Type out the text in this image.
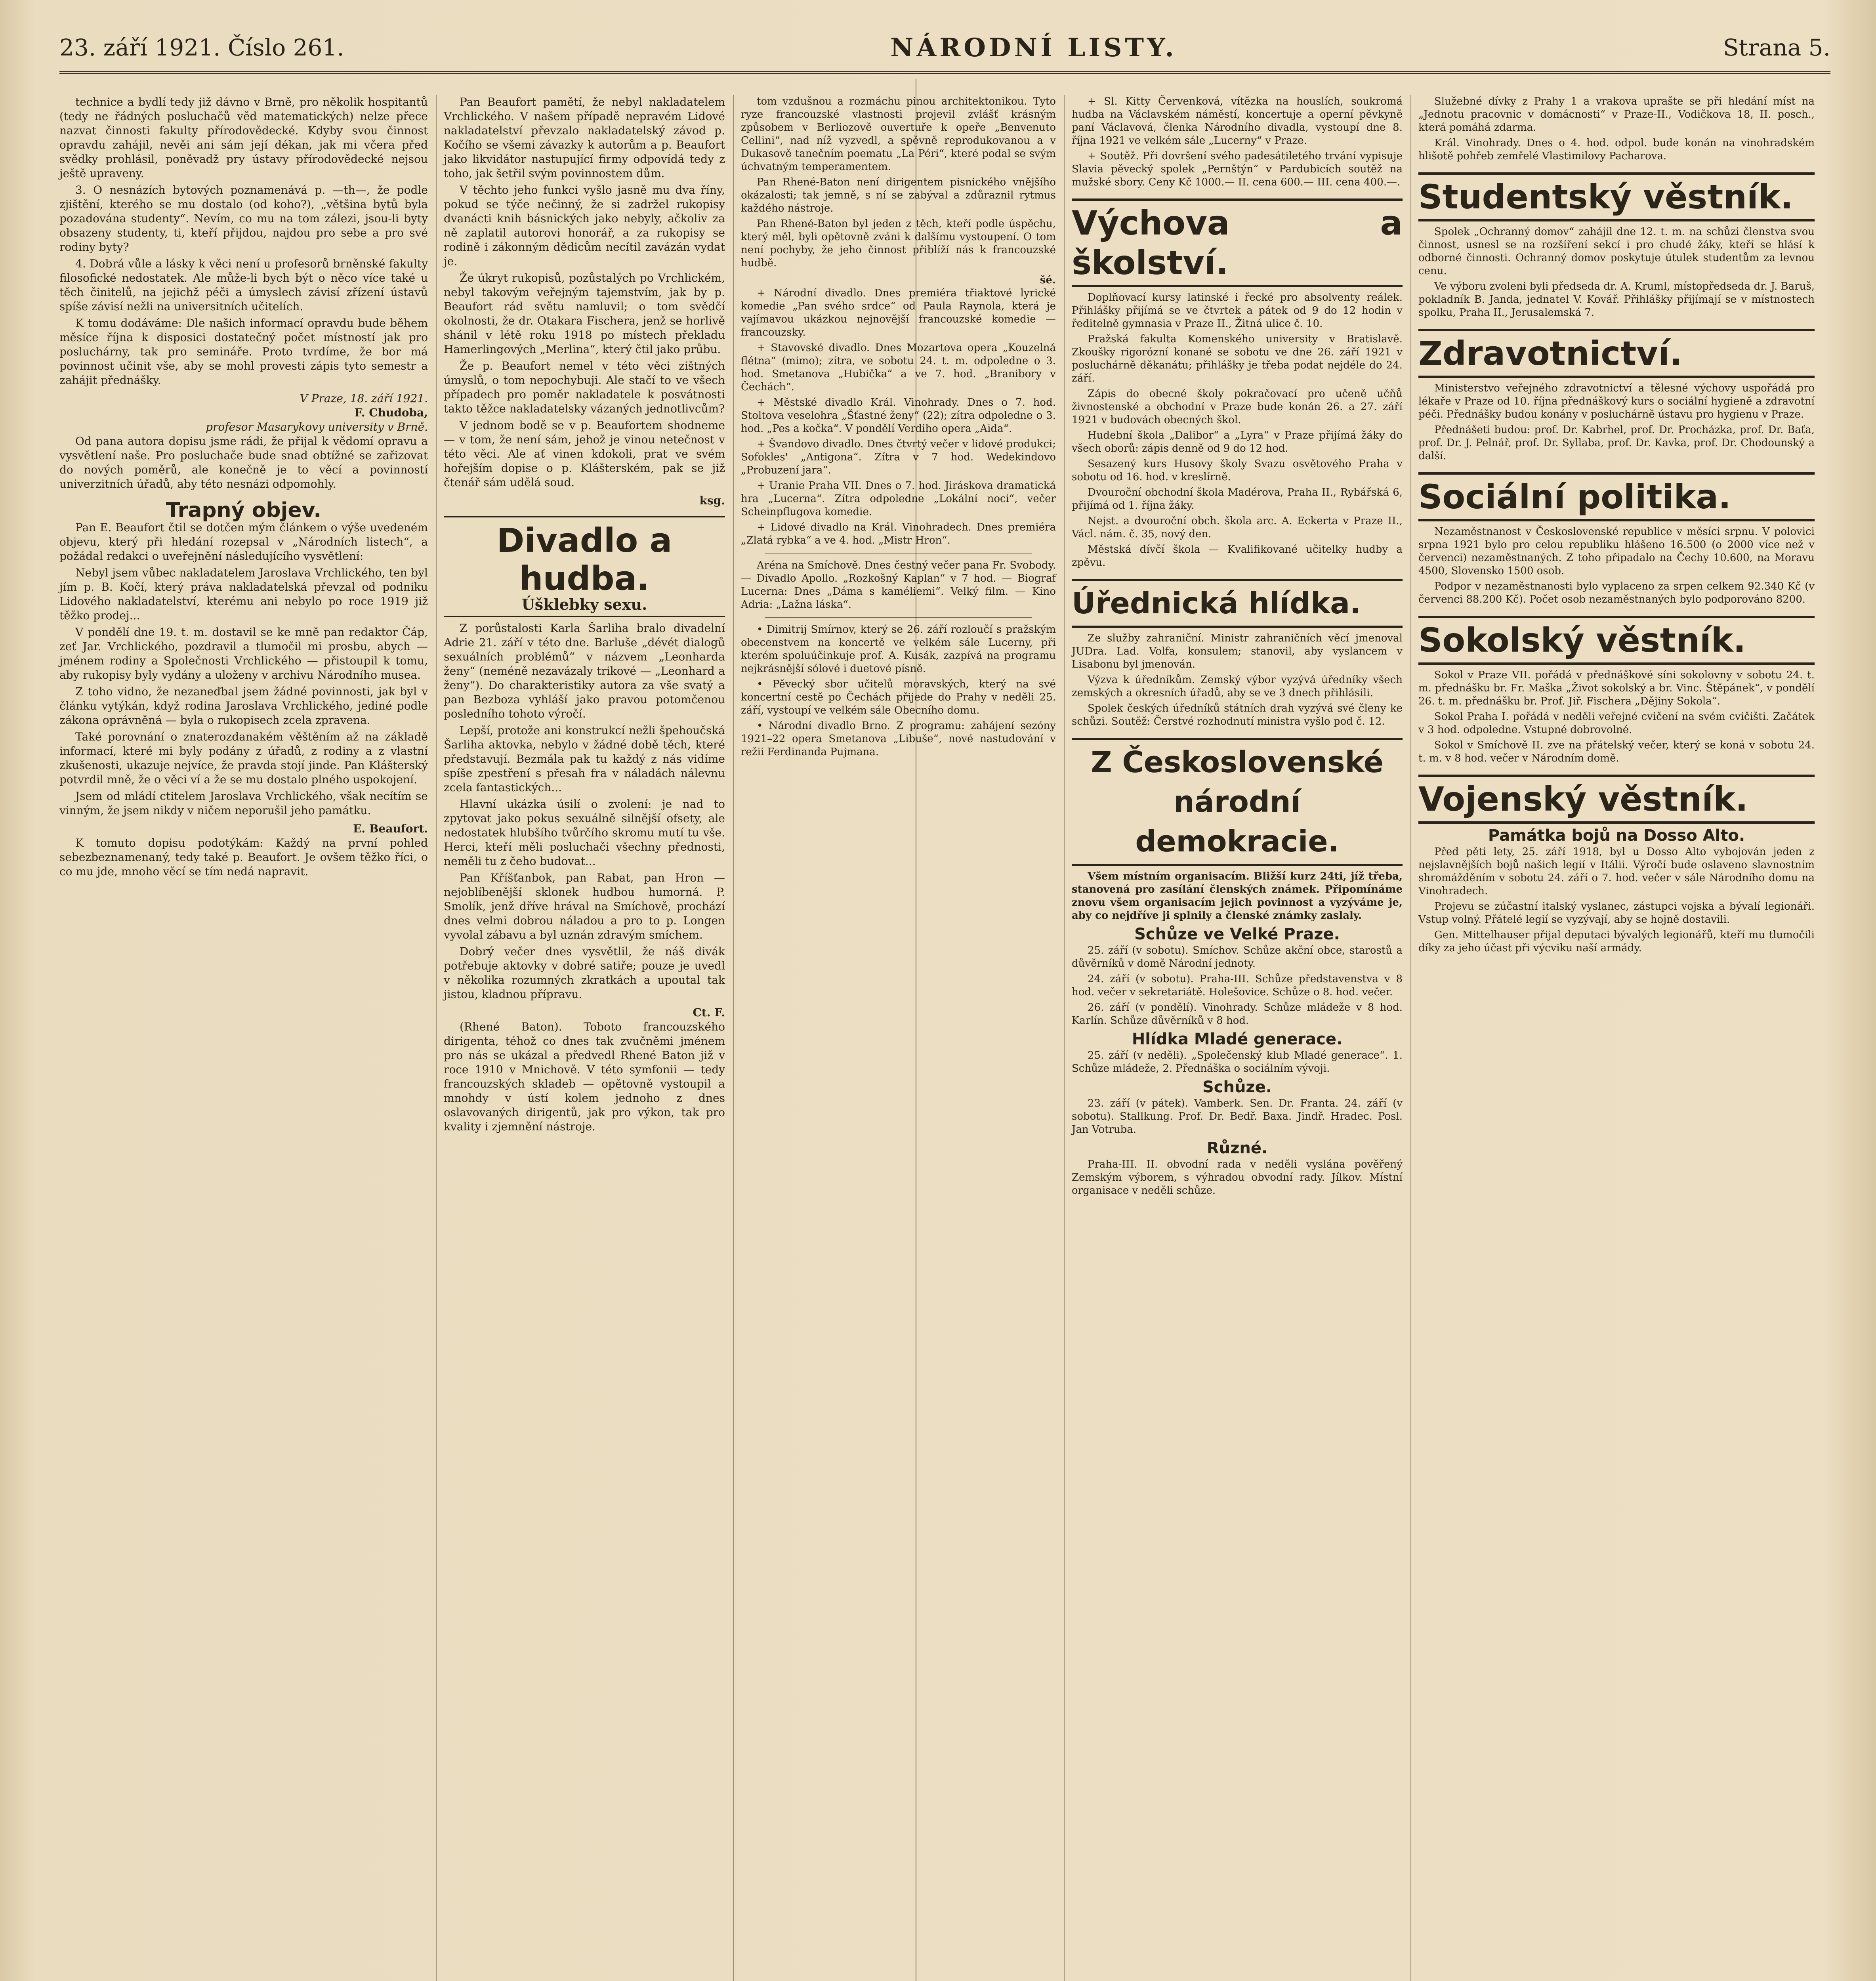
23. září 1921. Číslo 261.	NÁRODNÍ LISTY.	Strana 5.

technice a bydlí tedy již dávno v Brně, pro několik hospitantů (tedy ne řádných posluchačů věd matematických) nelze přece nazvat činnosti fakulty přírodovědecké. Kdyby svou činnost opravdu zahájil, nevěi ani sám její dékan, jak mi včera před svědky prohlásil, poněvadž pry ústavy přírodovědecké nejsou ještě upraveny.

3. O nesnázích bytových poznamenává p. —th—, že podle zjištění, kterého se mu dostalo (od koho?), „většina bytů byla pozadována studenty“. Nevím, co mu na tom zálezi, jsou-li byty obsazeny studenty, ti, kteří přijdou, najdou pro sebe a pro své rodiny byty?

4. Dobrá vůle a lásky k věci není u profesorů brněnské fakulty filosofické nedostatek. Ale může-li bych být o něco více také u těch činitelů, na jejichž péči a úmyslech závisí zřízení ústavů spíše závisí nežli na universitních učitelích.

K tomu dodáváme: Dle našich informací opravdu bude během měsíce října k disposici dostatečný počet místností jak pro posluchárny, tak pro semináře. Proto tvrdíme, že bor má povinnost učinit vše, aby se mohl provesti zápis tyto semestr a zahájit přednášky.

V Praze, 18. září 1921.
F. Chudoba,
profesor Masarykovy university v Brně.

Od pana autora dopisu jsme rádi, že přijal k vědomí opravu a vysvětlení naše. Pro posluchače bude snad obtížné se zařizovat do nových poměrů, ale konečně je to věcí a povinností univerzitních úřadů, aby této nesnázi odpomohly.

Trapný objev.

Pan E. Beaufort čtil se dotčen mým článkem o výše uvedeném objevu, který při hledání rozepsal v „Národních listech“, a požádal redakci o uveřejnění následujícího vysvětlení:

Nebyl jsem vůbec nakladatelem Jaroslava Vrchlického, ten byl jím p. B. Kočí, který práva nakladatelská převzal od podniku Lidového nakladatelství, kterému ani nebylo po roce 1919 již těžko prodej...

V pondělí dne 19. t. m. dostavil se ke mně pan redaktor Čáp, zeť Jar. Vrchlického, pozdravil a tlumočil mi prosbu, abych — jménem rodiny a Společnosti Vrchlického — přistoupil k tomu, aby rukopisy byly vydány a uloženy v archivu Národního musea.

Z toho vidno, že nezaneďbal jsem žádné povinnosti, jak byl v článku vytýkán, když rodina Jaroslava Vrchlického, jediné podle zákona oprávněná — byla o rukopisech zcela zpravena.

Také porovnání o znaterozdanakém věštěním až na základě informací, které mi byly podány z úřadů, z rodiny a z vlastní zkušenosti, ukazuje nejvíce, že pravda stojí jinde. Pan Klášterský potvrdil mně, že o věci ví a že se mu dostalo plného uspokojení.

Jsem od mládí ctitelem Jaroslava Vrchlického, však necítím se vinným, že jsem nikdy v ničem neporušil jeho památku.

E. Beaufort.

K tomuto dopisu podotýkám: Každý na první pohled sebezbeznamenaný, tedy také p. Beaufort. Je ovšem těžko říci, o co mu jde, mnoho věcí se tím nedá napravit.

Pan Beaufort pamětí, že nebyl nakladatelem Vrchlického. V našem případě nepravém Lidové nakladatelství převzalo nakladatelský závod p. Kočího se všemi závazky k autorům a p. Beaufort jako likvidátor nastupující firmy odpovídá tedy z toho, jak šetřil svým povinnostem dům.

V těchto jeho funkci vyšlo jasně mu dva říny, pokud se týče nečinný, že si zadržel rukopisy dvanácti knih básnických jako nebyly, ačkoliv za ně zaplatil autorovi honorář, a za rukopisy se rodině i zákonným dědicům necítil zavázán vydat je.

Že úkryt rukopisů, pozůstalých po Vrchlickém, nebyl takovým veřejným tajemstvím, jak by p. Beaufort rád světu namluvil; o tom svědčí okolnosti, že dr. Otakara Fischera, jenž se horlivě shánil v létě roku 1918 po místech překladu Hamerlingových „Merlina“, který čtil jako průbu.

Že p. Beaufort nemel v této věci zištných úmyslů, o tom nepochybuji. Ale stačí to ve všech případech pro poměr nakladatele k posvátnosti takto těžce nakladatelsky vázaných jednotlivcům?

V jednom bodě se v p. Beaufortem shodneme — v tom, že není sám, jehož je vinou netečnost v této věci. Ale ať vinen kdokoli, prat ve svém hořejším dopise o p. Klášterském, pak se již čtenář sám udělá soud.

ksg.
Divadlo a hudba.
Úšklebky sexu.

Z porůstalosti Karla Šarliha bralo divadelní Adrie 21. září v této dne. Barluše „dévét dialogů sexuálních problémů“ v názvem „Leonharda ženy“ (neméně nezavázaly trikové — „Leonhard a ženy“). Do charakteristiky autora za vše svatý a pan Bezboza vyhláší jako pravou potomčenou posledního tohoto výročí.

Lepší, protože ani konstrukcí nežli špehoučská Šarliha aktovka, nebylo v žádné době těch, které představují. Bezmála pak tu každý z nás vidíme spíše zpestření s přesah fra v náladách nálevnu zcela fantastických...

Hlavní ukázka úsilí o zvolení: je nad to zpytovat jako pokus sexuálně silnější ofsety, ale nedostatek hlubšího tvůrčího skromu mutí tu vše. Herci, kteří měli posluchači všechny přednosti, neměli tu z čeho budovat...

Pan Kříšťanbok, pan Rabat, pan Hron — nejoblíbenější sklonek hudbou humorná. P. Smolík, jenž dříve hrával na Smíchově, prochází dnes velmi dobrou náladou a pro to p. Longen vyvolal zábavu a byl uznán zdravým smíchem.

Dobrý večer dnes vysvětlil, že náš divák potřebuje aktovky v dobré satiře; pouze je uvedl v několika rozumných zkratkách a upoutal tak jistou, kladnou přípravu.

Ct. F.

(Rhené Baton). Toboto francouzského dirigenta, téhož co dnes tak zvučněmi jménem pro nás se ukázal a předvedl Rhené Baton již v roce 1910 v Mnichově. V této symfonii — tedy francouzských skladeb — opětovně vystoupil a mnohdy v ústí kolem jednoho z dnes oslavovaných dirigentů, jak pro výkon, tak pro kvality i zjemnění nástroje.

tom vzdušnou a rozmáchu pinou architektonikou. Tyto ryze francouzské vlastnosti projevil zvlášť krásným způsobem v Berliozově ouvertuře k opeře „Benvenuto Cellini“, nad níž vyzvedl, a spěvně reprodukovanou a v Dukasově tanečním poematu „La Péri“, které podal se svým úchvatným temperamentem.

Pan Rhené-Baton není dirigentem pisnického vnějšího okázalosti; tak jemně, s ní se zabýval a zdůraznil rytmus každého nástroje.

Pan Rhené-Baton byl jeden z těch, kteří podle úspěchu, který měl, byli opětovně zváni k dalšímu vystoupení. O tom není pochyby, že jeho činnost přiblíží nás k francouzské hudbě.

šé.

+ Národní divadlo. Dnes premiéra třiaktové lyrické komedie „Pan svého srdce“ od Paula Raynola, která je vajímavou ukázkou nejnovější francouzské komedie — francouzsky.

+ Stavovské divadlo. Dnes Mozartova opera „Kouzelná flétna“ (mimo); zítra, ve sobotu 24. t. m. odpoledne o 3. hod. Smetanova „Hubička“ a ve 7. hod. „Branibory v Čechách“.

+ Městské divadlo Král. Vinohrady. Dnes o 7. hod. Stoltova veselohra „Šťastné ženy“ (22); zítra odpoledne o 3. hod. „Pes a kočka“. V pondělí Verdiho opera „Aida“.

+ Švandovo divadlo. Dnes čtvrtý večer v lidové produkci; Sofokles' „Antigona“. Zítra v 7 hod. Wedekindovo „Probuzení jara“.

+ Uranie Praha VII. Dnes o 7. hod. Jiráskova dramatická hra „Lucerna“. Zítra odpoledne „Lokální noci“, večer Scheinpflugova komedie.

+ Lidové divadlo na Král. Vinohradech. Dnes premiéra „Zlatá rybka“ a ve 4. hod. „Mistr Hron“.

Aréna na Smíchově. Dnes čestný večer pana Fr. Svobody. — Divadlo Apollo. „Rozkošný Kaplan“ v 7 hod. — Biograf Lucerna: Dnes „Dáma s kaméliemi“. Velký film. — Kino Adria: „Lažna láska“.

• Dimitrij Smírnov, který se 26. září rozloučí s pražským obecenstvem na koncertě ve velkém sále Lucerny, při kterém spoluúčinkuje prof. A. Kusák, zazpívá na programu nejkrásnější sólové i duetové písně.

• Pěvecký sbor učitelů moravských, který na své koncertní cestě po Čechách přijede do Prahy v neděli 25. září, vystoupí ve velkém sále Obecního domu.

• Národní divadlo Brno. Z programu: zahájení sezóny 1921–22 opera Smetanova „Libuše“, nové nastudování v režii Ferdinanda Pujmana.

+ Sl. Kitty Červenková, vítězka na houslích, soukromá hudba na Václavském náměstí, koncertuje a operní pěvkyně paní Václavová, členka Národního divadla, vystoupí dne 8. října 1921 ve velkém sále „Lucerny“ v Praze.

+ Soutěž. Při dovršení svého padesátiletého trvání vypisuje Slavia pěvecký spolek „Pernštýn“ v Pardubicích soutěž na mužské sbory. Ceny Kč 1000.— II. cena 600.— III. cena 400.—.

Výchova a školství.

Doplňovací kursy latinské i řecké pro absolventy reálek. Přihlášky přijímá se ve čtvrtek a pátek od 9 do 12 hodin v ředitelně gymnasia v Praze II., Žitná ulice č. 10.

Pražská fakulta Komenského university v Bratislavě. Zkoušky rigorózní konané se sobotu ve dne 26. září 1921 v posluchárně děkanátu; přihlášky je třeba podat nejdéle do 24. září.

Zápis do obecné školy pokračovací pro učeně učňů živnostenské a obchodní v Praze bude konán 26. a 27. září 1921 v budovách obecných škol.

Hudební škola „Dalibor“ a „Lyra“ v Praze přijímá žáky do všech oborů: zápis denně od 9 do 12 hod.

Sesazený kurs Husovy školy Svazu osvětového Praha v sobotu od 16. hod. v kreslírně.

Dvouroční obchodní škola Madérova, Praha II., Rybářská 6, přijímá od 1. října žáky.

Nejst. a dvouroční obch. škola arc. A. Eckerta v Praze II., Václ. nám. č. 35, nový den.

Městská dívčí škola — Kvalifikované učitelky hudby a zpěvu.

Úřednická hlídka.

Ze služby zahraniční. Ministr zahraničních věcí jmenoval JUDra. Lad. Volfa, konsulem; stanovil, aby vyslancem v Lisabonu byl jmenován.

Výzva k úředníkům. Zemský výbor vyzývá úředníky všech zemských a okresních úřadů, aby se ve 3 dnech přihlásili.

Spolek českých úředníků státních drah vyzývá své členy ke schůzi. Soutěž: Čerstvé rozhodnutí ministra vyšlo pod č. 12.

Z Československé národní demokracie.

Všem místním organisacím. Bližší kurz 24ti, jíž třeba, stanovená pro zasílání členských známek. Připomínáme znovu všem organisacím jejich povinnost a vyzýváme je, aby co nejdříve ji splnily a členské známky zaslaly.

Schůze ve Velké Praze.

25. září (v sobotu). Smíchov. Schůze akční obce, starostů a důvěrníků v domě Národní jednoty.

24. září (v sobotu). Praha-III. Schůze představenstva v 8 hod. večer v sekretariátě. Holešovice. Schůze o 8. hod. večer.

26. září (v pondělí). Vinohrady. Schůze mládeže v 8 hod. Karlín. Schůze důvěrníků v 8 hod.

Hlídka Mladé generace.

25. září (v neděli). „Společenský klub Mladé generace“. 1. Schůze mládeže, 2. Přednáška o sociálním vývoji.

Schůze.

23. září (v pátek). Vamberk. Sen. Dr. Franta. 24. září (v sobotu). Stallkung. Prof. Dr. Bedř. Baxa. Jindř. Hradec. Posl. Jan Votruba.

Různé.

Praha-III. II. obvodní rada v neděli vyslána pověřený Zemským výborem, s výhradou obvodní rady. Jílkov. Místní organisace v neděli schůze.

Služebné dívky z Prahy 1 a vrakova uprašte se při hledání míst na „Jednotu pracovnic v domácnosti“ v Praze-II., Vodičkova 18, II. posch., která pomáhá zdarma.

Král. Vinohrady. Dnes o 4. hod. odpol. bude konán na vinohradském hlišotě pohřeb zemřelé Vlastimilovy Pacharova.

Studentský věstník.

Spolek „Ochranný domov“ zahájil dne 12. t. m. na schůzi členstva svou činnost, usnesl se na rozšíření sekcí i pro chudé žáky, kteří se hlásí k odborné činnosti. Ochranný domov poskytuje útulek studentům za levnou cenu.

Ve výboru zvoleni byli předseda dr. A. Kruml, místopředseda dr. J. Baruš, pokladník B. Janda, jednatel V. Kovář. Přihlášky přijímají se v místnostech spolku, Praha II., Jerusalemská 7.

Zdravotnictví.

Ministerstvo veřejného zdravotnictví a tělesné výchovy uspořádá pro lékaře v Praze od 10. října přednáškový kurs o sociální hygieně a zdravotní péči. Přednášky budou konány v posluchárně ústavu pro hygienu v Praze.

Přednášeti budou: prof. Dr. Kabrhel, prof. Dr. Procházka, prof. Dr. Baťa, prof. Dr. J. Pelnář, prof. Dr. Syllaba, prof. Dr. Kavka, prof. Dr. Chodounský a další.

Sociální politika.

Nezaměstnanost v Československé republice v měsíci srpnu. V polovici srpna 1921 bylo pro celou republiku hlášeno 16.500 (o 2000 více než v červenci) nezaměstnaných. Z toho připadalo na Čechy 10.600, na Moravu 4500, Slovensko 1500 osob.

Podpor v nezaměstnanosti bylo vyplaceno za srpen celkem 92.340 Kč (v červenci 88.200 Kč). Počet osob nezaměstnaných bylo podporováno 8200.

Sokolský věstník.

Sokol v Praze VII. pořádá v přednáškové síni sokolovny v sobotu 24. t. m. přednášku br. Fr. Maška „Život sokolský a br. Vinc. Štěpánek“, v pondělí 26. t. m. přednášku br. Prof. Jiř. Fischera „Dějiny Sokola“.

Sokol Praha I. pořádá v neděli veřejné cvičení na svém cvičišti. Začátek v 3 hod. odpoledne. Vstupné dobrovolné.

Sokol v Smíchově II. zve na přátelský večer, který se koná v sobotu 24. t. m. v 8 hod. večer v Národním domě.

Vojenský věstník.
Památka bojů na Dosso Alto.

Před pěti lety, 25. září 1918, byl u Dosso Alto vybojován jeden z nejslavnějších bojů našich legií v Itálii. Výročí bude oslaveno slavnostním shromážděním v sobotu 24. září o 7. hod. večer v sále Národního domu na Vinohradech.

Projevu se zúčastní italský vyslanec, zástupci vojska a bývalí legionáři. Vstup volný. Přátelé legií se vyzývají, aby se hojně dostavili.

Gen. Mittelhauser přijal deputaci bývalých legionářů, kteří mu tlumočili díky za jeho účast při výcviku naší armády.
